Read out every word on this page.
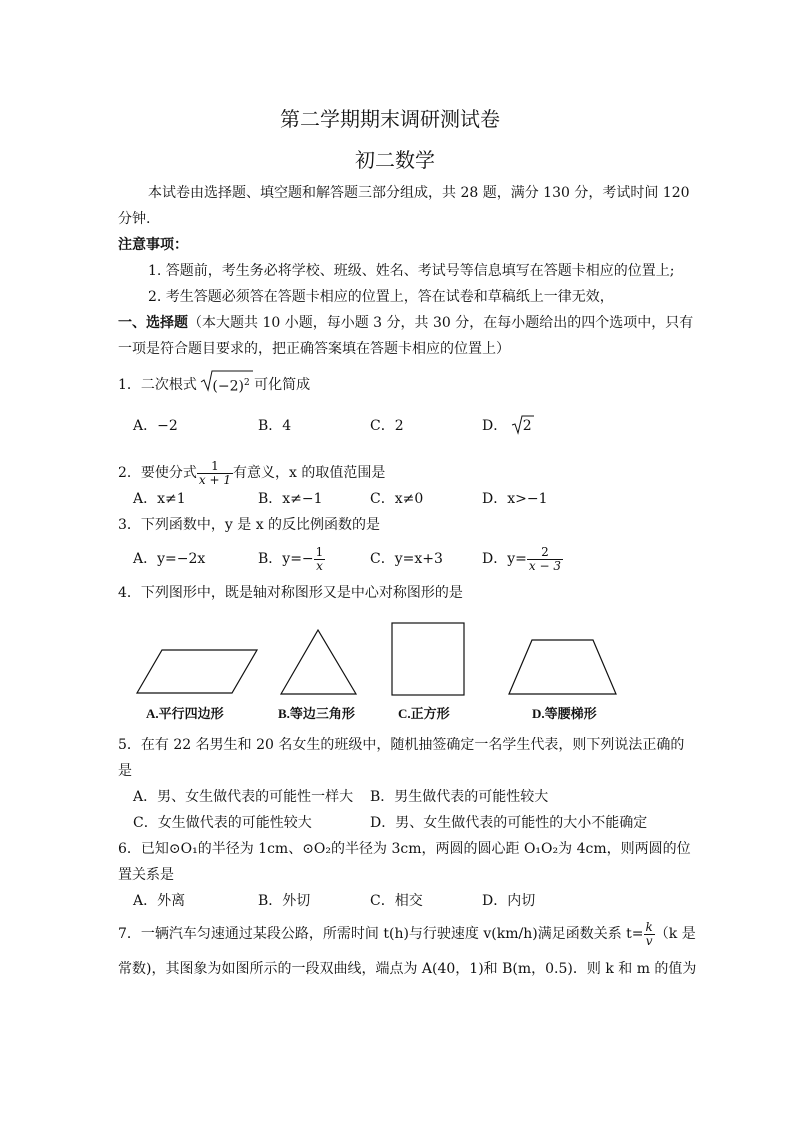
第二学期期末调研测试卷
初二数学
本试卷由选择题、填空题和解答题三部分组成，共 28 题，满分 130 分，考试时间 120
分钟.
注意事项：
1. 答题前，考生务必将学校、班级、姓名、考试号等信息填写在答题卡相应的位置上;
2. 考生答题必须答在答题卡相应的位置上，答在试卷和草稿纸上一律无效，
一、选择题（本大题共 10 小题，每小题 3 分，共 30 分，在每小题给出的四个选项中，只有
一项是符合题目要求的，把正确答案填在答题卡相应的位置上）
1．二次根式 $(-2)^2$ 可化简成
A．−2	B．4	C．2	D． 2
2．要使分式 $\frac{1}{x + 1}$ 有意义，x 的取值范围是
A．x≠1	B．x≠−1	C．x≠0	D．x>−1
3．下列函数中，y 是 x 的反比例函数的是
A．y=−2x	B．$y=- \frac{1}{x}$	C．y=x+3	D．$y= \frac{2}{x - 3}$
4．下列图形中，既是轴对称图形又是中心对称图形的是
A.平行四边形	B.等边三角形	C.正方形	D.等腰梯形
5．在有 22 名男生和 20 名女生的班级中，随机抽签确定一名学生代表，则下列说法正确的
是
A．男、女生做代表的可能性一样大 B．男生做代表的可能性较大
C．女生做代表的可能性较大	D．男、女生做代表的可能性的大小不能确定
6．已知⊙O₁的半径为 1cm、⊙O₂的半径为 3cm，两圆的圆心距 O₁O₂为 4cm，则两圆的位
置关系是
A．外离	B．外切	C．相交	D．内切
7．一辆汽车匀速通过某段公路，所需时间 t(h)与行驶速度 v(km/h)满足函数关系 $t= \frac{k}{v} (k$ 是
常数)，其图象为如图所示的一段双曲线，端点为 A(40，1)和 B(m，0.5)．则 k 和 m 的值为
